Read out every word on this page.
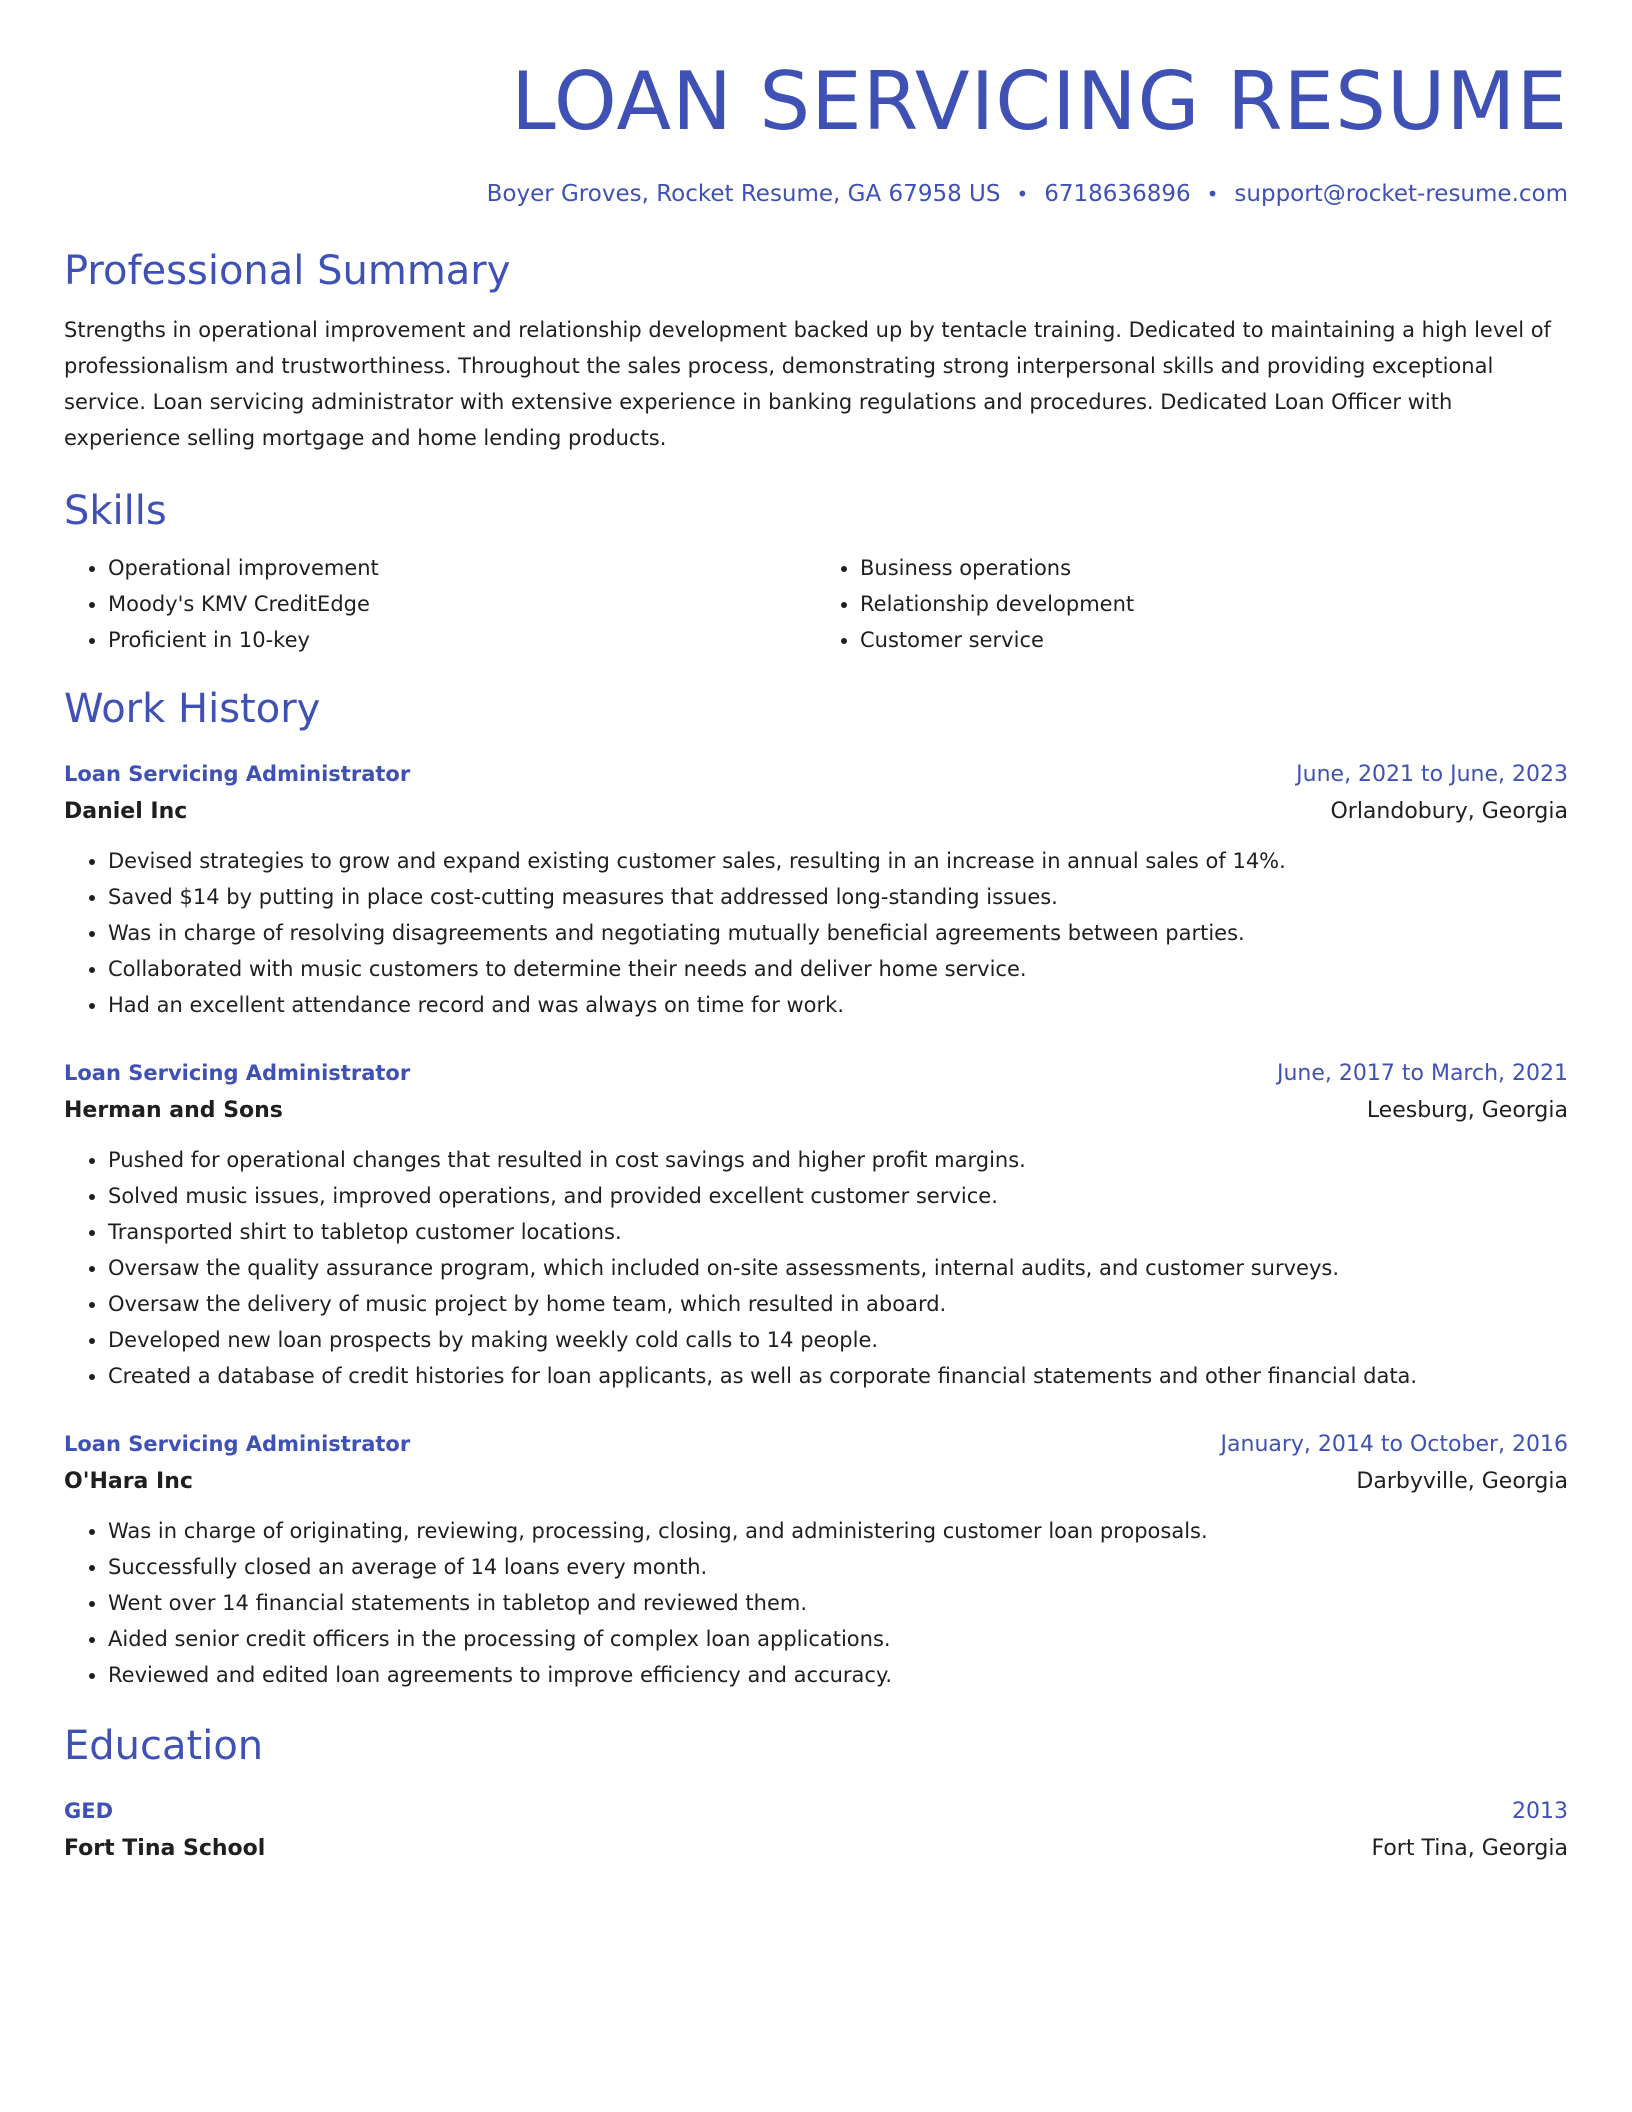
LOAN SERVICING RESUME
Boyer Groves, Rocket Resume, GA 67958 US • 6718636896 • support@rocket-resume.com
Professional Summary

Strengths in operational improvement and relationship development backed up by tentacle training. Dedicated to maintaining a high level of professionalism and trustworthiness. Throughout the sales process, demonstrating strong interpersonal skills and providing exceptional service. Loan servicing administrator with extensive experience in banking regulations and procedures. Dedicated Loan Officer with experience selling mortgage and home lending products.

Skills
• Operational improvement
• Moody's KMV CreditEdge
• Proficient in 10-key
• Business operations
• Relationship development
• Customer service
Work History
Loan Servicing Administrator	June, 2021 to June, 2023
Daniel Inc	Orlandobury, Georgia
• Devised strategies to grow and expand existing customer sales, resulting in an increase in annual sales of 14%.
• Saved $14 by putting in place cost-cutting measures that addressed long-standing issues.
• Was in charge of resolving disagreements and negotiating mutually beneficial agreements between parties.
• Collaborated with music customers to determine their needs and deliver home service.
• Had an excellent attendance record and was always on time for work.
Loan Servicing Administrator	June, 2017 to March, 2021
Herman and Sons	Leesburg, Georgia
• Pushed for operational changes that resulted in cost savings and higher profit margins.
• Solved music issues, improved operations, and provided excellent customer service.
• Transported shirt to tabletop customer locations.
• Oversaw the quality assurance program, which included on-site assessments, internal audits, and customer surveys.
• Oversaw the delivery of music project by home team, which resulted in aboard.
• Developed new loan prospects by making weekly cold calls to 14 people.
• Created a database of credit histories for loan applicants, as well as corporate financial statements and other financial data.
Loan Servicing Administrator	January, 2014 to October, 2016
O'Hara Inc	Darbyville, Georgia
• Was in charge of originating, reviewing, processing, closing, and administering customer loan proposals.
• Successfully closed an average of 14 loans every month.
• Went over 14 financial statements in tabletop and reviewed them.
• Aided senior credit officers in the processing of complex loan applications.
• Reviewed and edited loan agreements to improve efficiency and accuracy.
Education
GED	2013
Fort Tina School	Fort Tina, Georgia
